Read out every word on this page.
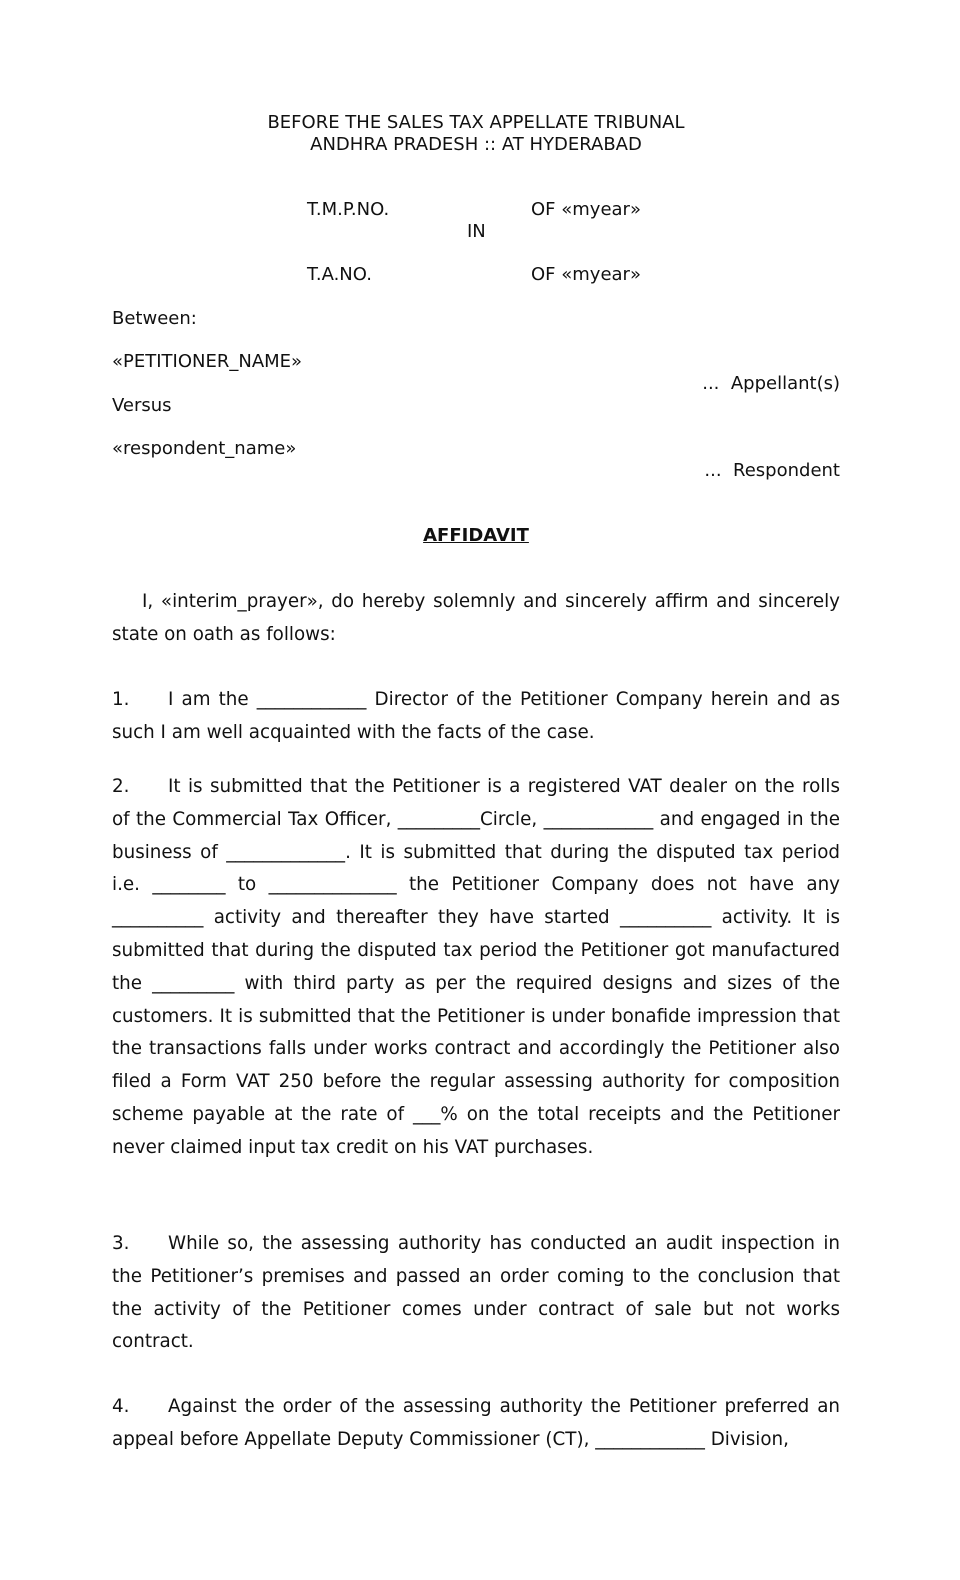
BEFORE THE SALES TAX APPELLATE TRIBUNAL
ANDHRA PRADESH :: AT HYDERABAD
T.M.P.NO.	OF «myear»
IN
T.A.NO.	OF «myear»
Between:
«PETITIONER_NAME»
...  Appellant(s)
Versus
«respondent_name»
...  Respondent
AFFIDAVIT
I, «interim_prayer», do hereby solemnly and sincerely affirm and sincerely state on oath as follows:
1. I am the ____________ Director of the Petitioner Company herein and as such I am well acquainted with the facts of the case.
2. It is submitted that the Petitioner is a registered VAT dealer on the rolls of the Commercial Tax Officer, _________Circle, ____________ and engaged in the business of _____________. It is submitted that during the disputed tax period i.e. ________ to ______________ the Petitioner Company does not have any __________ activity and thereafter they have started __________ activity. It is submitted that during the disputed tax period the Petitioner got manufactured the _________ with third party as per the required designs and sizes of the customers. It is submitted that the Petitioner is under bonafide impression that the transactions falls under works contract and accordingly the Petitioner also filed a Form VAT 250 before the regular assessing authority for composition scheme payable at the rate of ___% on the total receipts and the Petitioner never claimed input tax credit on his VAT purchases.
3. While so, the assessing authority has conducted an audit inspection in the Petitioner’s premises and passed an order coming to the conclusion that the activity of the Petitioner comes under contract of sale but not works contract.
4. Against the order of the assessing authority the Petitioner preferred an appeal before Appellate Deputy Commissioner (CT), ____________ Division,
